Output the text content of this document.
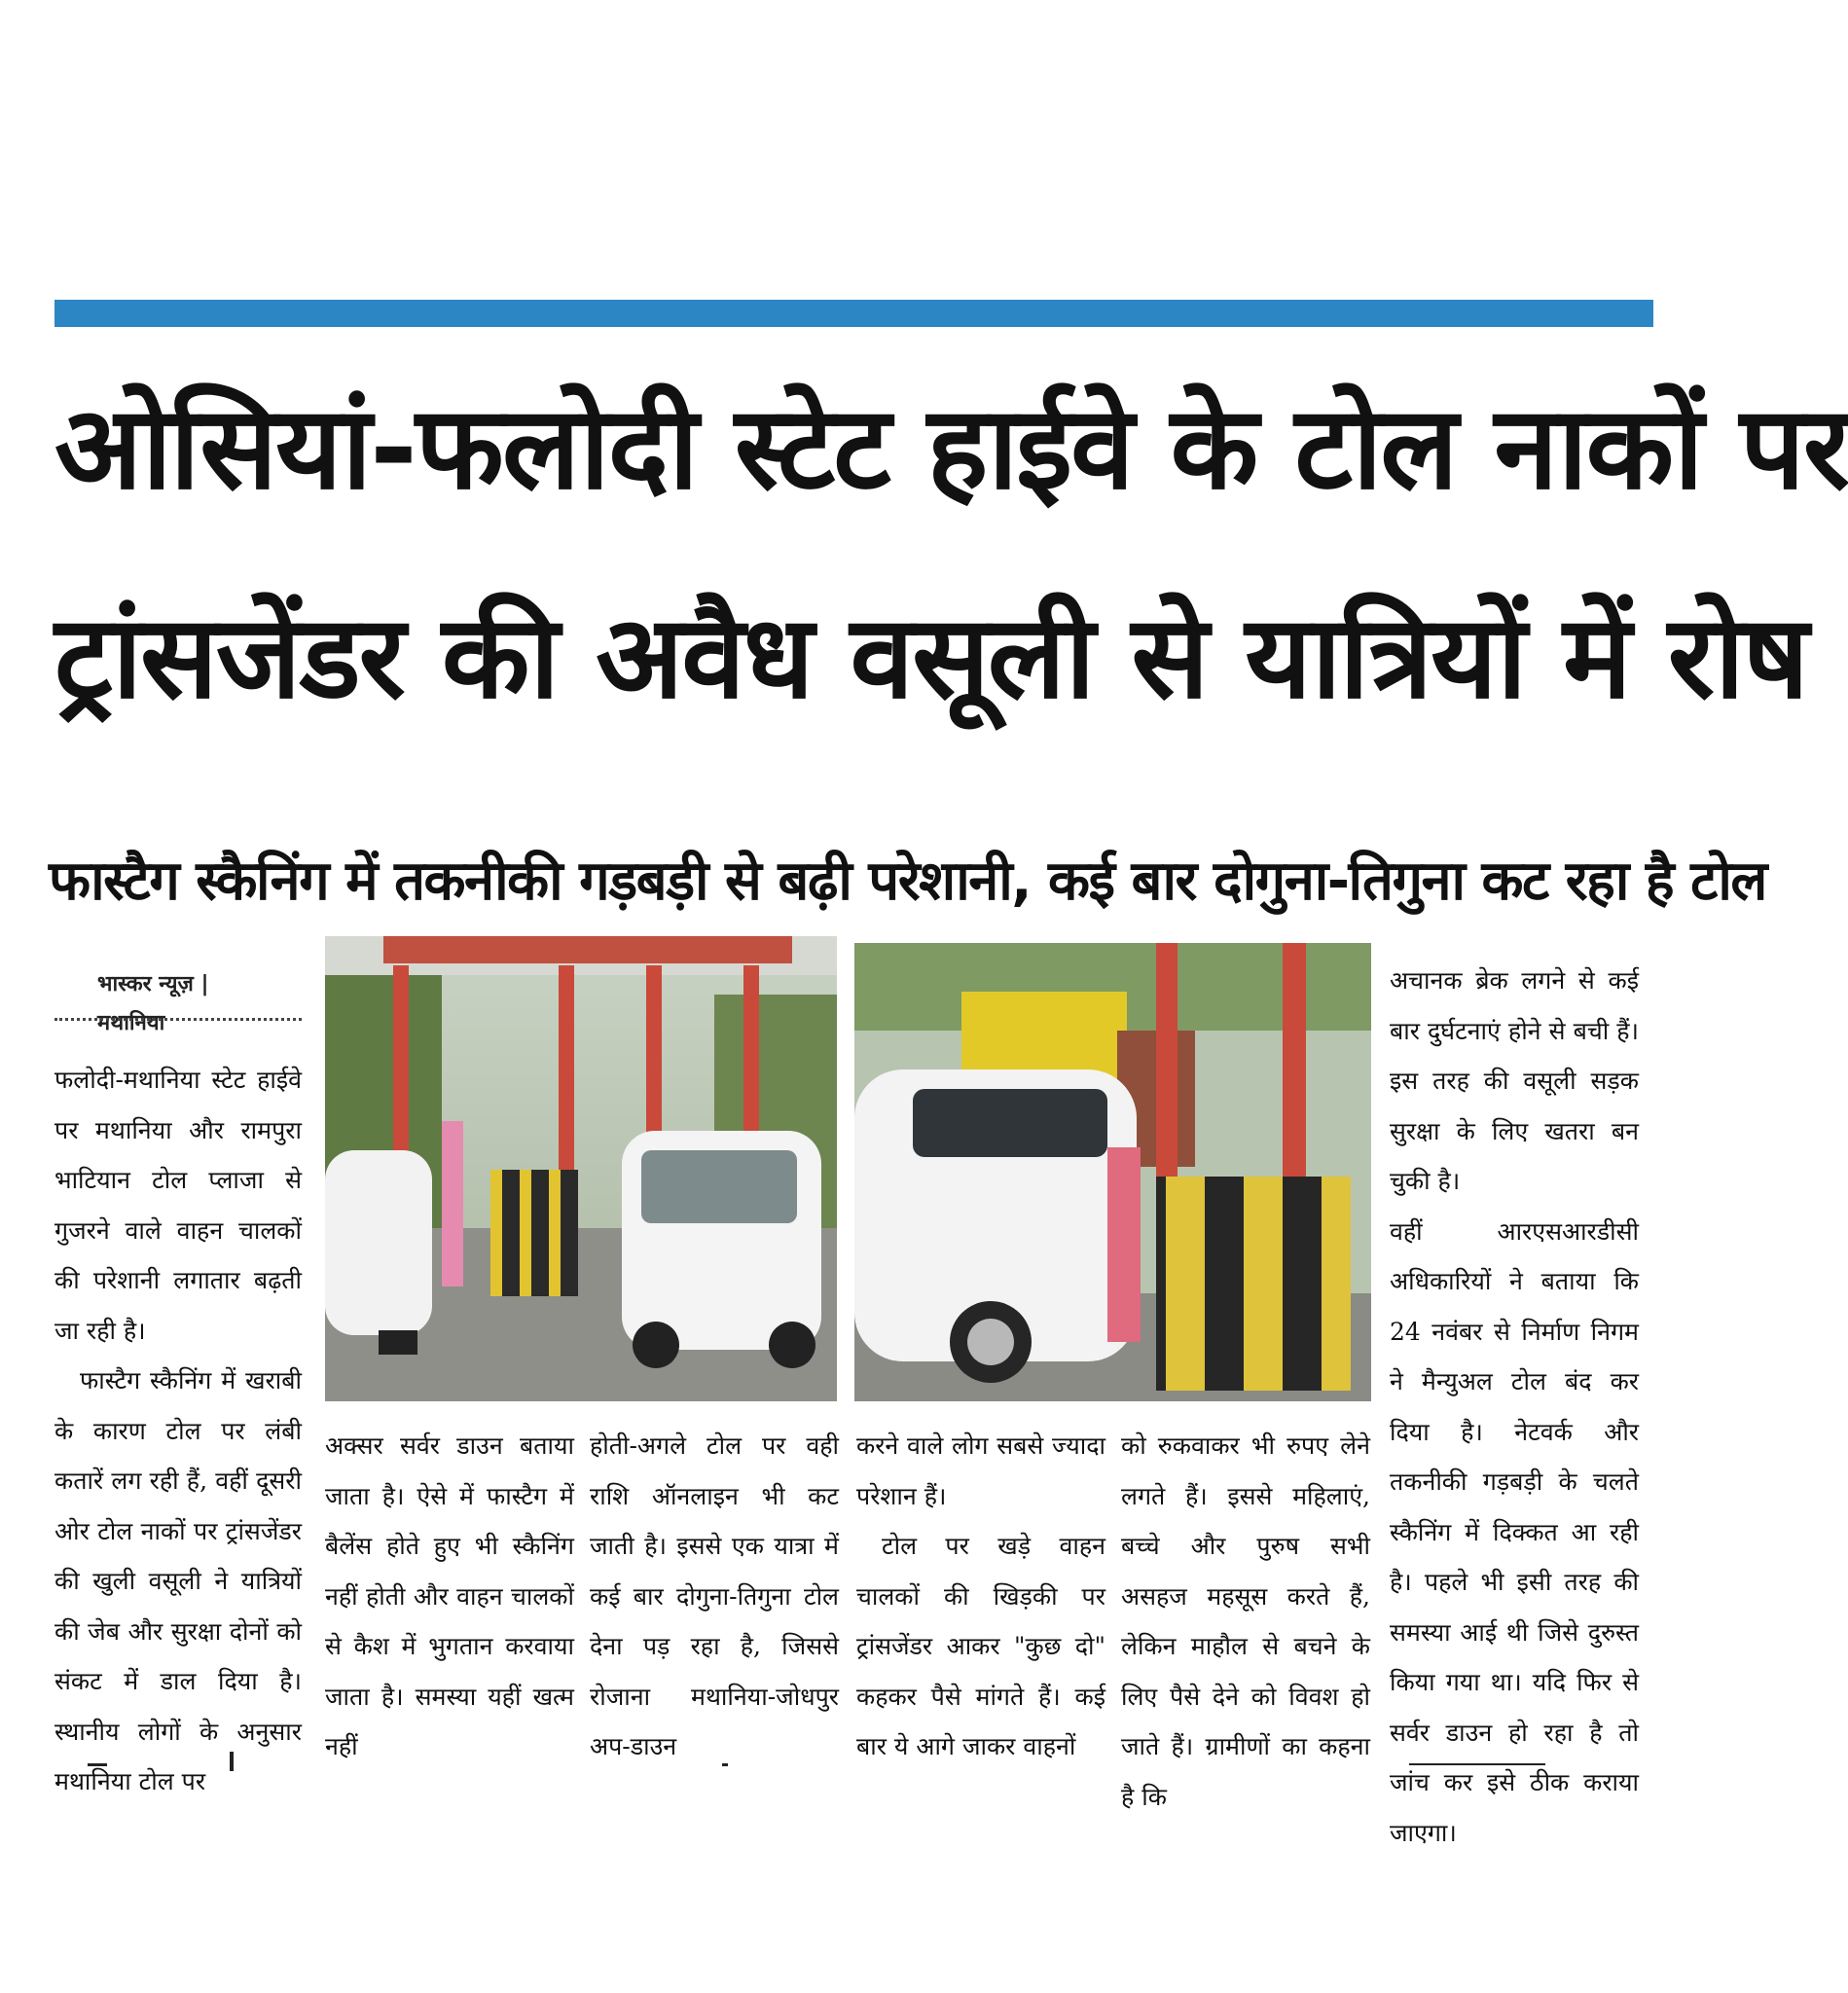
ओसियां-फलोदी स्टेट हाईवे के टोल नाकों पर
ट्रांसजेंडर की अवैध वसूली से यात्रियों में रोष
फास्टैग स्कैनिंग में तकनीकी गड़बड़ी से बढ़ी परेशानी, कई बार दोगुना-तिगुना कट रहा है टोल
भास्कर न्यूज़ | मथानिया

फलोदी-मथानिया स्टेट हाईवे पर मथानिया और रामपुरा भाटियान टोल प्लाजा से गुजरने वाले वाहन चालकों की परेशानी लगातार बढ़ती जा रही है।

फास्टैग स्कैनिंग में खराबी के कारण टोल पर लंबी कतारें लग रही हैं, वहीं दूसरी ओर टोल नाकों पर ट्रांसजेंडर की खुली वसूली ने यात्रियों की जेब और सुरक्षा दोनों को संकट में डाल दिया है। स्थानीय लोगों के अनुसार मथानिया टोल पर

अचानक ब्रेक लगने से कई बार दुर्घटनाएं होने से बची हैं। इस तरह की वसूली सड़क सुरक्षा के लिए खतरा बन चुकी है।

वहीं आरएसआरडीसी अधिकारियों ने बताया कि 24 नवंबर से निर्माण निगम ने मैन्युअल टोल बंद कर दिया है। नेटवर्क और तकनीकी गड़बड़ी के चलते स्कैनिंग में दिक्कत आ रही है। पहले भी इसी तरह की समस्या आई थी जिसे दुरुस्त किया गया था। यदि फिर से सर्वर डाउन हो रहा है तो जांच कर इसे ठीक कराया जाएगा।

अक्सर सर्वर डाउन बताया जाता है। ऐसे में फास्टैग में बैलेंस होते हुए भी स्कैनिंग नहीं होती और वाहन चालकों से कैश में भुगतान करवाया जाता है। समस्या यहीं खत्म नहीं

होती-अगले टोल पर वही राशि ऑनलाइन भी कट जाती है। इससे एक यात्रा में कई बार दोगुना-तिगुना टोल देना पड़ रहा है, जिससे रोजाना मथानिया-जोधपुर अप-डाउन

करने वाले लोग सबसे ज्यादा परेशान हैं।

टोल पर खड़े वाहन चालकों की खिड़की पर ट्रांसजेंडर आकर "कुछ दो" कहकर पैसे मांगते हैं। कई बार ये आगे जाकर वाहनों

को रुकवाकर भी रुपए लेने लगते हैं। इससे महिलाएं, बच्चे और पुरुष सभी असहज महसूस करते हैं, लेकिन माहौल से बचने के लिए पैसे देने को विवश हो जाते हैं। ग्रामीणों का कहना है कि
